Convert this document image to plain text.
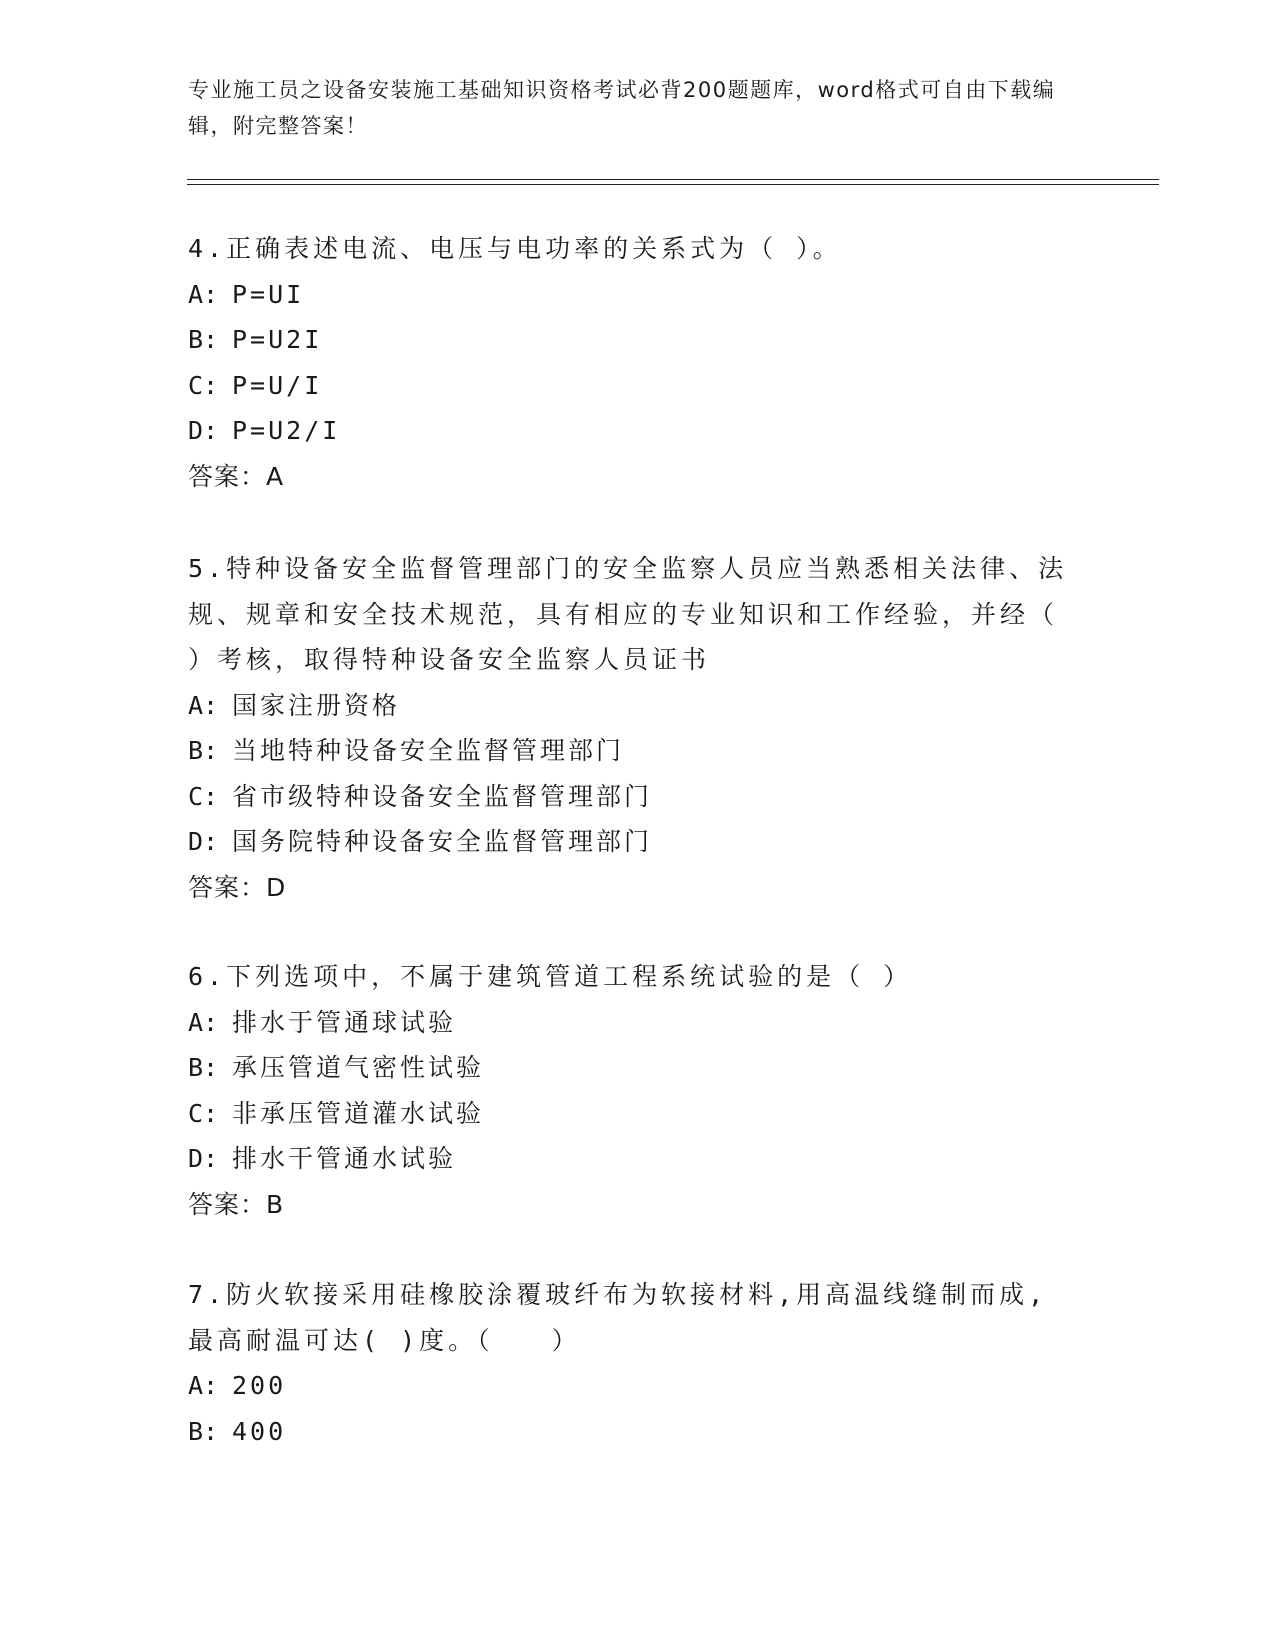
专业施工员之设备安装施工基础知识资格考试必背200题题库，word格式可自由下载编辑，附完整答案！
4.正确表述电流、电压与电功率的关系式为（ ）。
A: P=UI
B: P=U2I
C: P=U/I
D: P=U2/I
答案：A
5.特种设备安全监督管理部门的安全监察人员应当熟悉相关法律、法规、规章和安全技术规范，具有相应的专业知识和工作经验，并经（ ）考核，取得特种设备安全监察人员证书
A: 国家注册资格
B: 当地特种设备安全监督管理部门
C: 省市级特种设备安全监督管理部门
D: 国务院特种设备安全监督管理部门
答案：D
6.下列选项中，不属于建筑管道工程系统试验的是（ ）
A: 排水于管通球试验
B: 承压管道气密性试验
C: 非承压管道灌水试验
D: 排水干管通水试验
答案：B
7.防火软接采用硅橡胶涂覆玻纤布为软接材料,用高温线缝制而成,最高耐温可达( )度。（　　）
A: 200
B: 400
